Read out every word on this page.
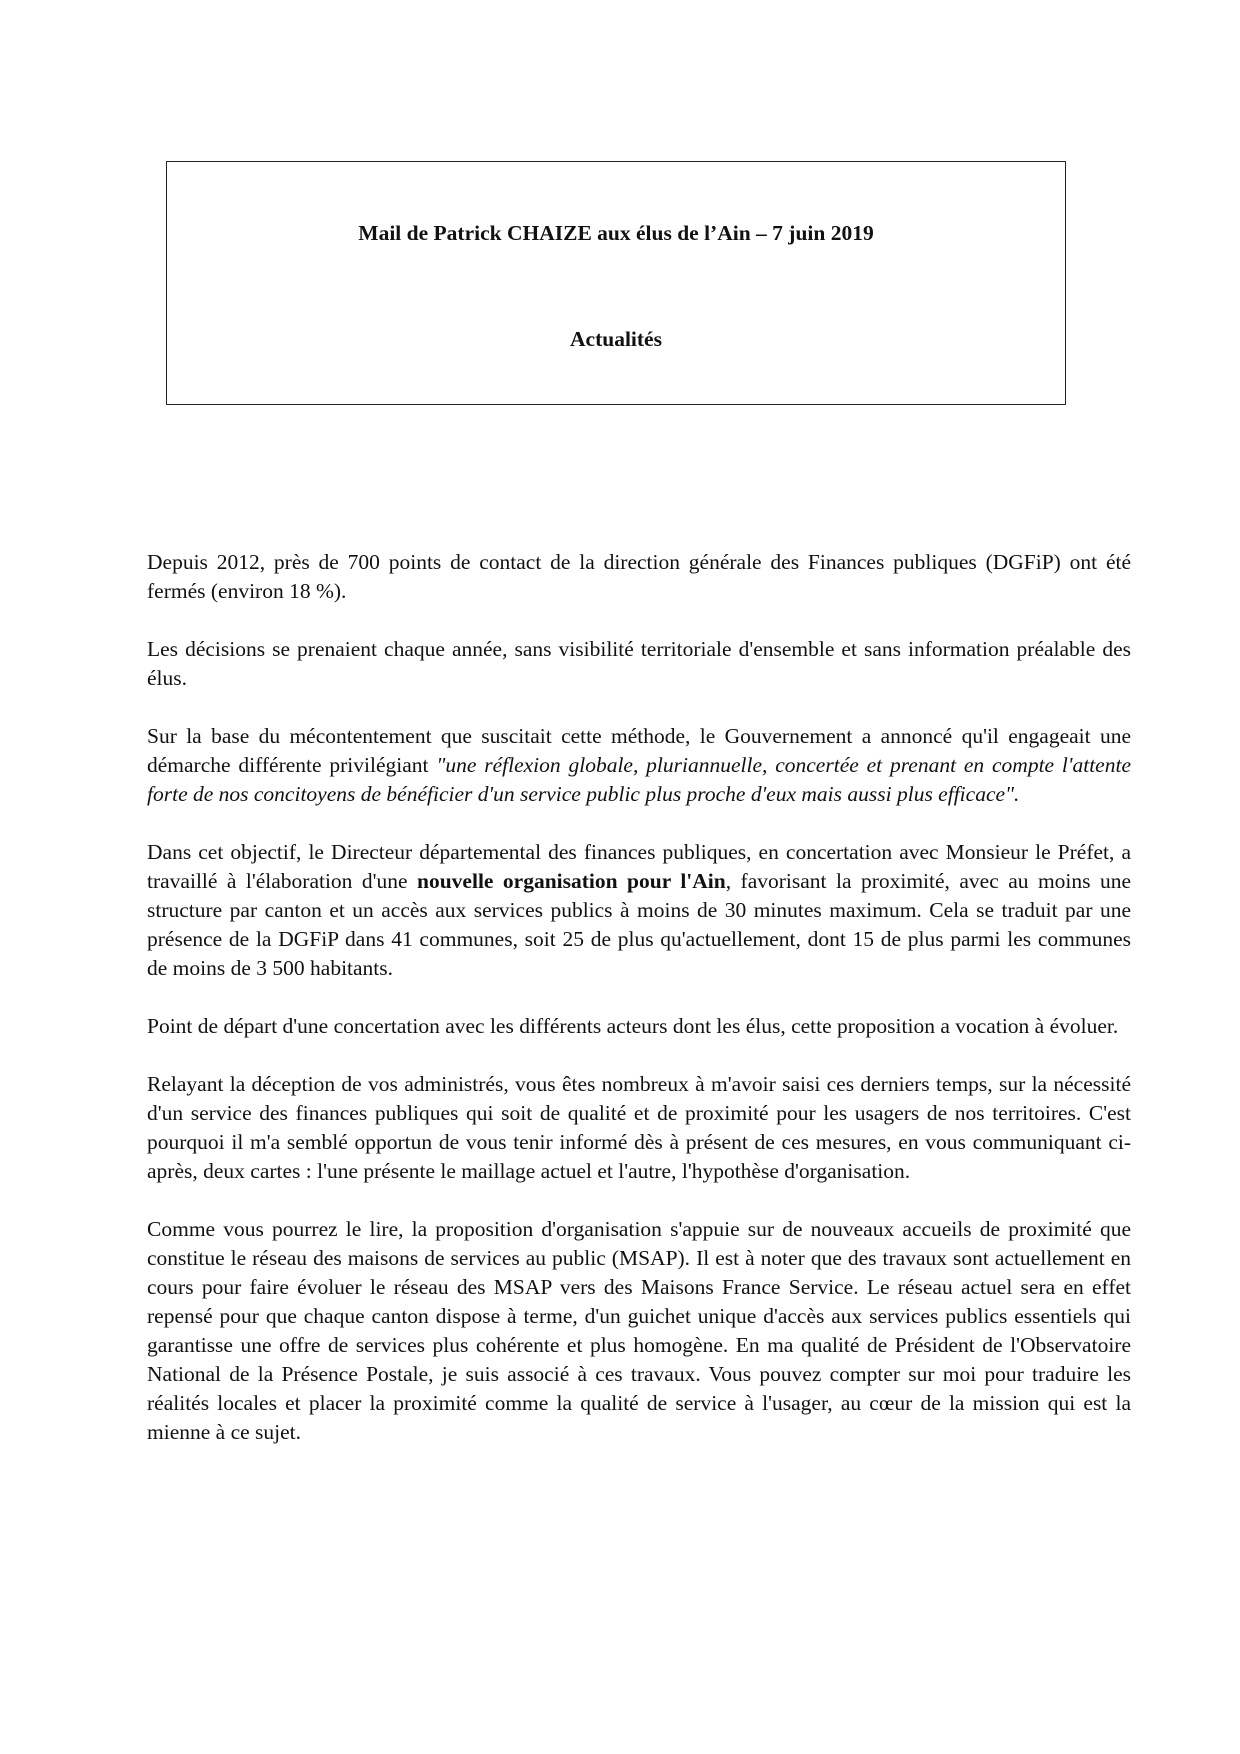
Mail de Patrick CHAIZE aux élus de l’Ain – 7 juin 2019

Actualités

Depuis 2012, près de 700 points de contact de la direction générale des Finances publiques (DGFiP) ont été fermés (environ 18 %).

Les décisions se prenaient chaque année, sans visibilité territoriale d'ensemble et sans information préalable des élus.

Sur la base du mécontentement que suscitait cette méthode, le Gouvernement a annoncé qu'il engageait une démarche différente privilégiant "une réflexion globale, pluriannuelle, concertée et prenant en compte l'attente forte de nos concitoyens de bénéficier d'un service public plus proche d'eux mais aussi plus efficace".

Dans cet objectif, le Directeur départemental des finances publiques, en concertation avec Monsieur le Préfet, a travaillé à l'élaboration d'une nouvelle organisation pour l'Ain, favorisant la proximité, avec au moins une structure par canton et un accès aux services publics à moins de 30 minutes maximum. Cela se traduit par une présence de la DGFiP dans 41 communes, soit 25 de plus qu'actuellement, dont 15 de plus parmi les communes de moins de 3 500 habitants.

Point de départ d'une concertation avec les différents acteurs dont les élus, cette proposition a vocation à évoluer.

Relayant la déception de vos administrés, vous êtes nombreux à m'avoir saisi ces derniers temps, sur la nécessité d'un service des finances publiques qui soit de qualité et de proximité pour les usagers de nos territoires. C'est pourquoi il m'a semblé opportun de vous tenir informé dès à présent de ces mesures, en vous communiquant ci-après, deux cartes : l'une présente le maillage actuel et l'autre, l'hypothèse d'organisation.

Comme vous pourrez le lire, la proposition d'organisation s'appuie sur de nouveaux accueils de proximité que constitue le réseau des maisons de services au public (MSAP). Il est à noter que des travaux sont actuellement en cours pour faire évoluer le réseau des MSAP vers des Maisons France Service. Le réseau actuel sera en effet repensé pour que chaque canton dispose à terme, d'un guichet unique d'accès aux services publics essentiels qui garantisse une offre de services plus cohérente et plus homogène. En ma qualité de Président de l'Observatoire National de la Présence Postale, je suis associé à ces travaux. Vous pouvez compter sur moi pour traduire les réalités locales et placer la proximité comme la qualité de service à l'usager, au cœur de la mission qui est la mienne à ce sujet.
